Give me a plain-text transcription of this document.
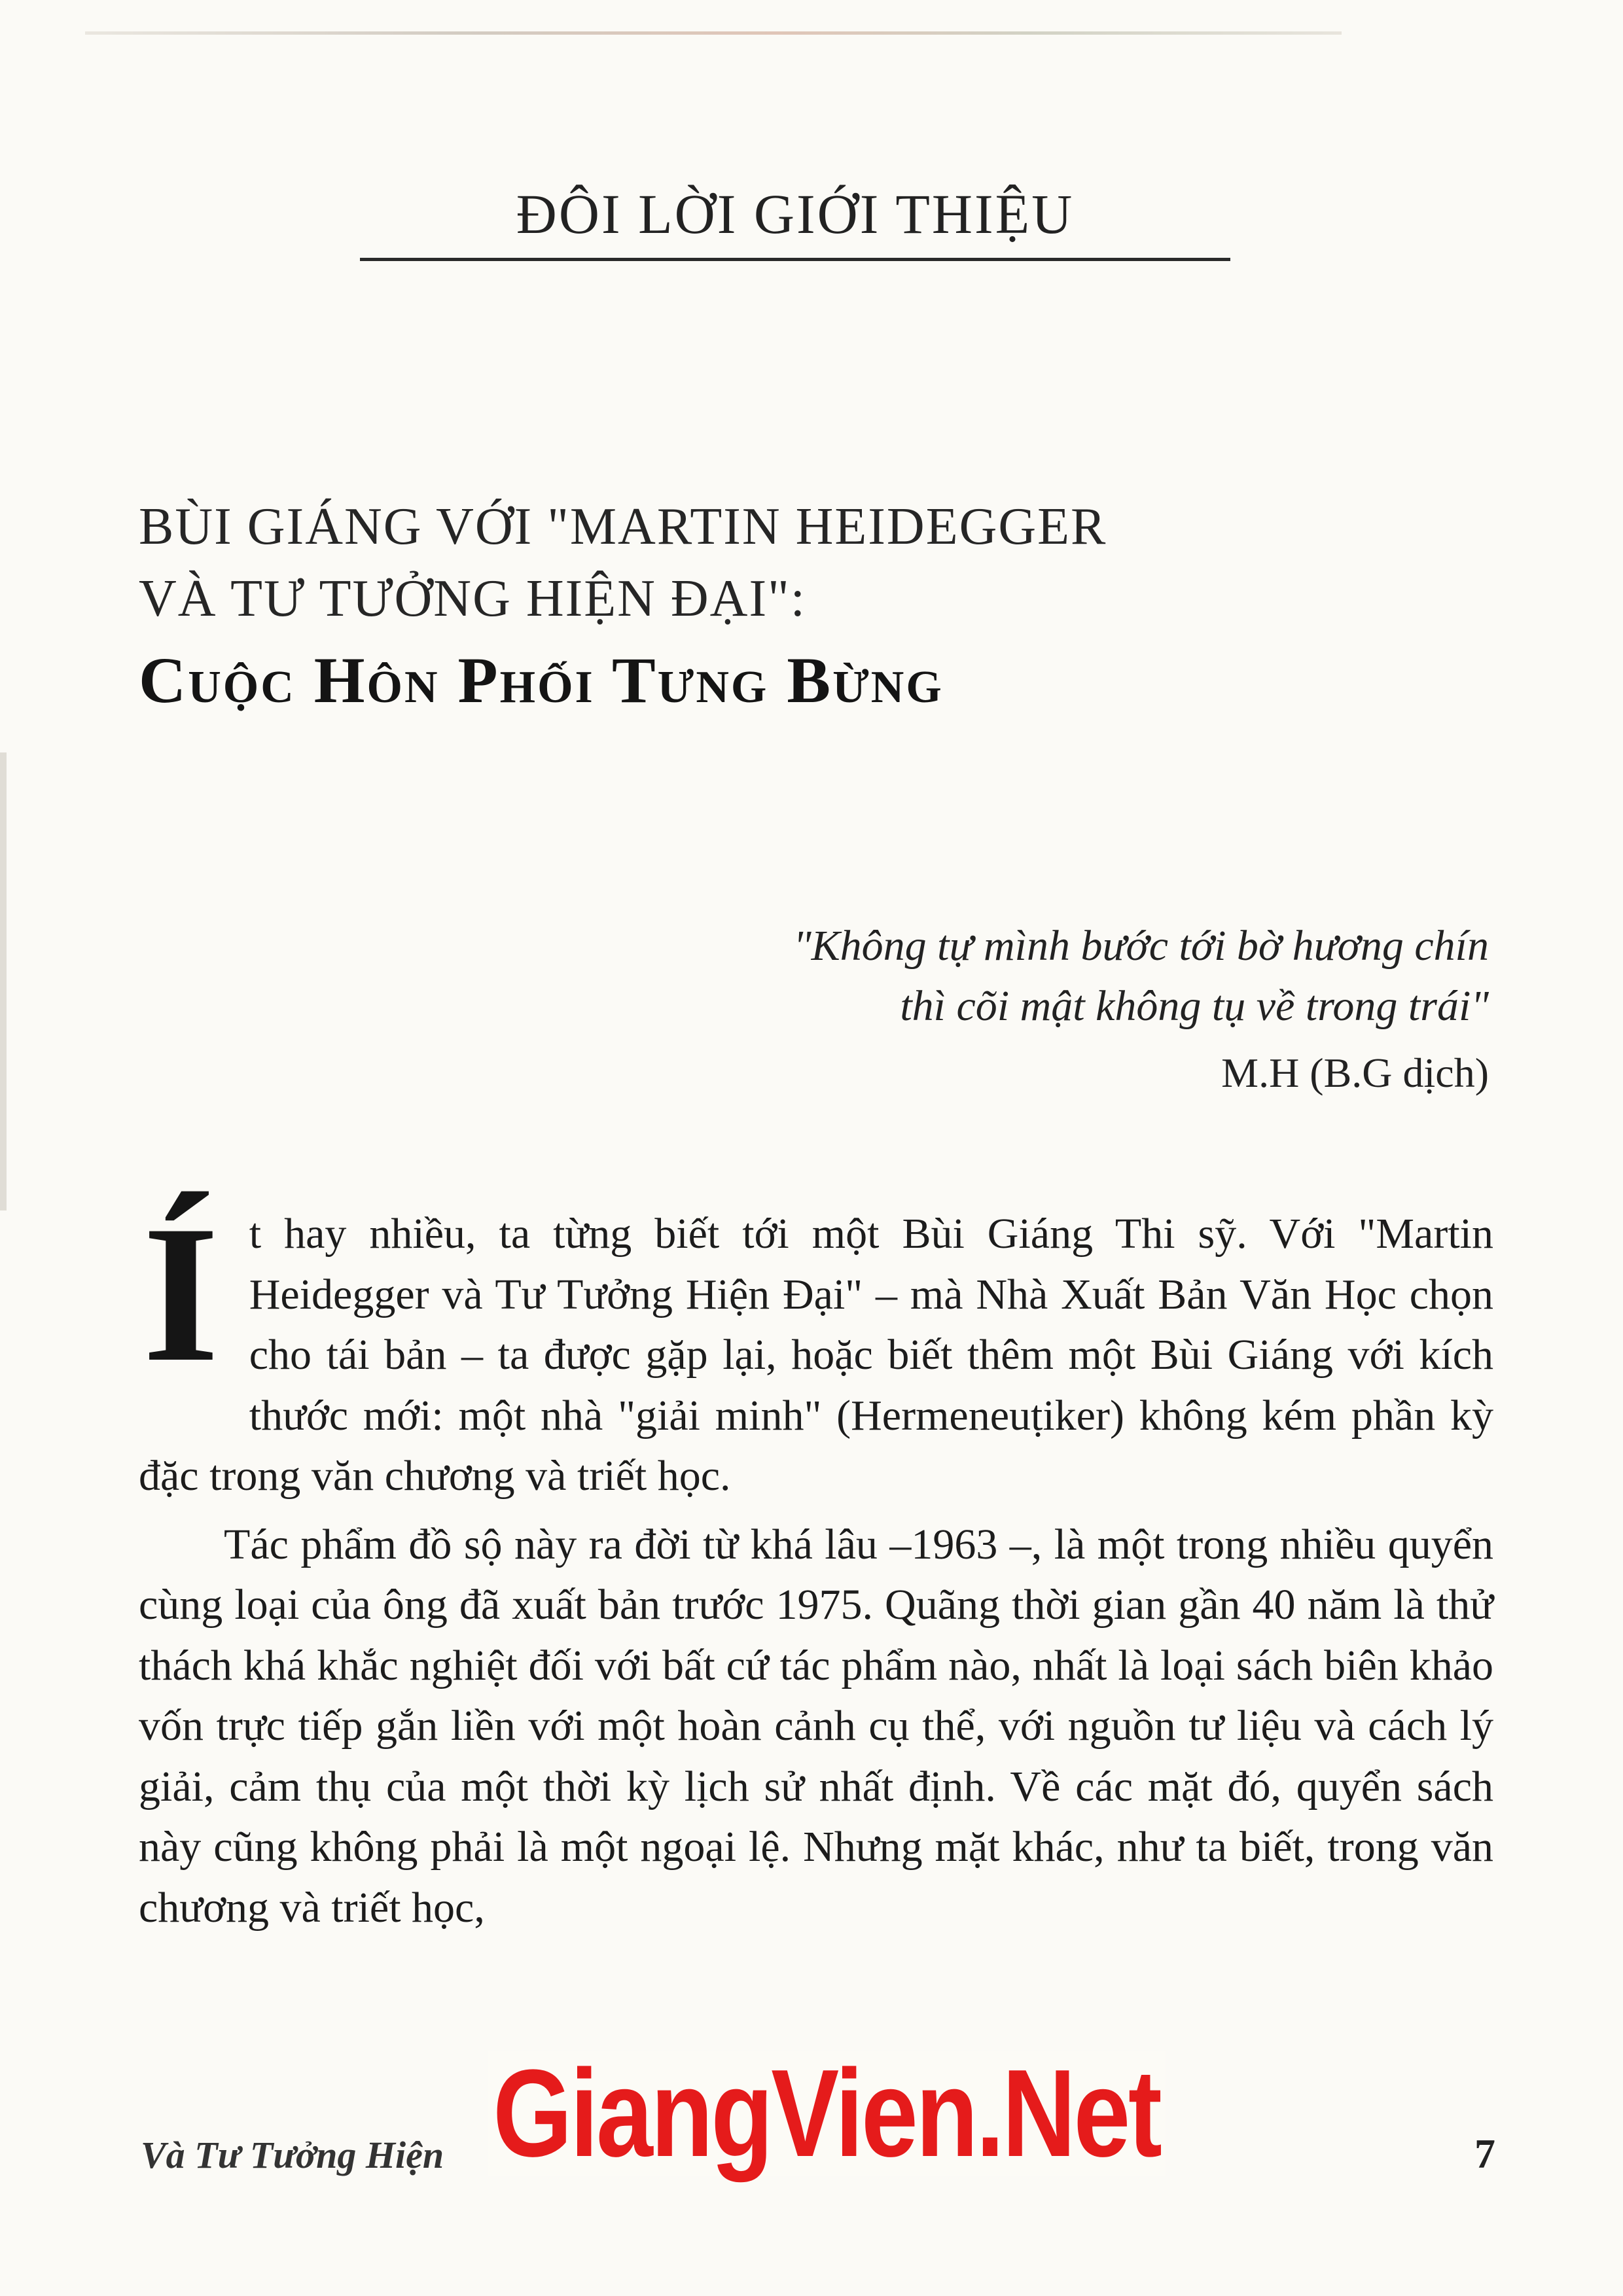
ĐÔI LỜI GIỚI THIỆU
BÙI GIÁNG VỚI "MARTIN HEIDEGGER
VÀ TƯ TƯỞNG HIỆN ĐẠI":
Cuộc Hôn Phối Tưng Bừng
"Không tự mình bước tới bờ hương chín
thì cõi mật không tụ về trong trái"
M.H (B.G dịch)

Ít hay nhiều, ta từng biết tới một Bùi Giáng Thi sỹ. Với "Martin Heidegger và Tư Tưởng Hiện Đại" – mà Nhà Xuất Bản Văn Học chọn cho tái bản – ta được gặp lại, hoặc biết thêm một Bùi Giáng với kích thước mới: một nhà "giải minh" (Hermeneuṭiker) không kém phần kỳ đặc trong văn chương và triết học.

Tác phẩm đồ sộ này ra đời từ khá lâu –1963 –, là một trong nhiều quyển cùng loại của ông đã xuất bản trước 1975. Quãng thời gian gần 40 năm là thử thách khá khắc nghiệt đối với bất cứ tác phẩm nào, nhất là loại sách biên khảo vốn trực tiếp gắn liền với một hoàn cảnh cụ thể, với nguồn tư liệu và cách lý giải, cảm thụ của một thời kỳ lịch sử nhất định. Về các mặt đó, quyển sách này cũng không phải là một ngoại lệ. Nhưng mặt khác, như ta biết, trong văn chương và triết học,

Và Tư Tưởng Hiện GiangVien.Net	7
